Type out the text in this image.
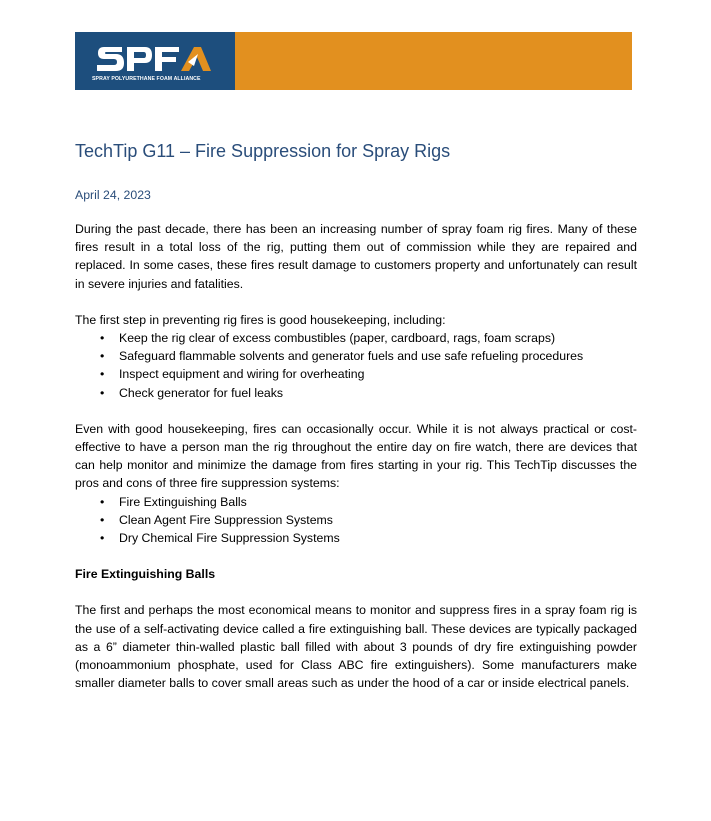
SPRAY POLYURETHANE FOAM ALLIANCE
TechTip G11 – Fire Suppression for Spray Rigs
April 24, 2023

During the past decade, there has been an increasing number of spray foam rig fires. Many of these fires result in a total loss of the rig, putting them out of commission while they are repaired and replaced. In some cases, these fires result damage to customers property and unfortunately can result in severe injuries and fatalities.

The first step in preventing rig fires is good housekeeping, including:

• Keep the rig clear of excess combustibles (paper, cardboard, rags, foam scraps)
• Safeguard flammable solvents and generator fuels and use safe refueling procedures
• Inspect equipment and wiring for overheating
• Check generator for fuel leaks

Even with good housekeeping, fires can occasionally occur. While it is not always practical or cost-effective to have a person man the rig throughout the entire day on fire watch, there are devices that can help monitor and minimize the damage from fires starting in your rig. This TechTip discusses the pros and cons of three fire suppression systems:

• Fire Extinguishing Balls
• Clean Agent Fire Suppression Systems
• Dry Chemical Fire Suppression Systems

Fire Extinguishing Balls

The first and perhaps the most economical means to monitor and suppress fires in a spray foam rig is the use of a self-activating device called a fire extinguishing ball. These devices are typically packaged as a 6” diameter thin-walled plastic ball filled with about 3 pounds of dry fire extinguishing powder (monoammonium phosphate, used for Class ABC fire extinguishers). Some manufacturers make smaller diameter balls to cover small areas such as under the hood of a car or inside electrical panels.
